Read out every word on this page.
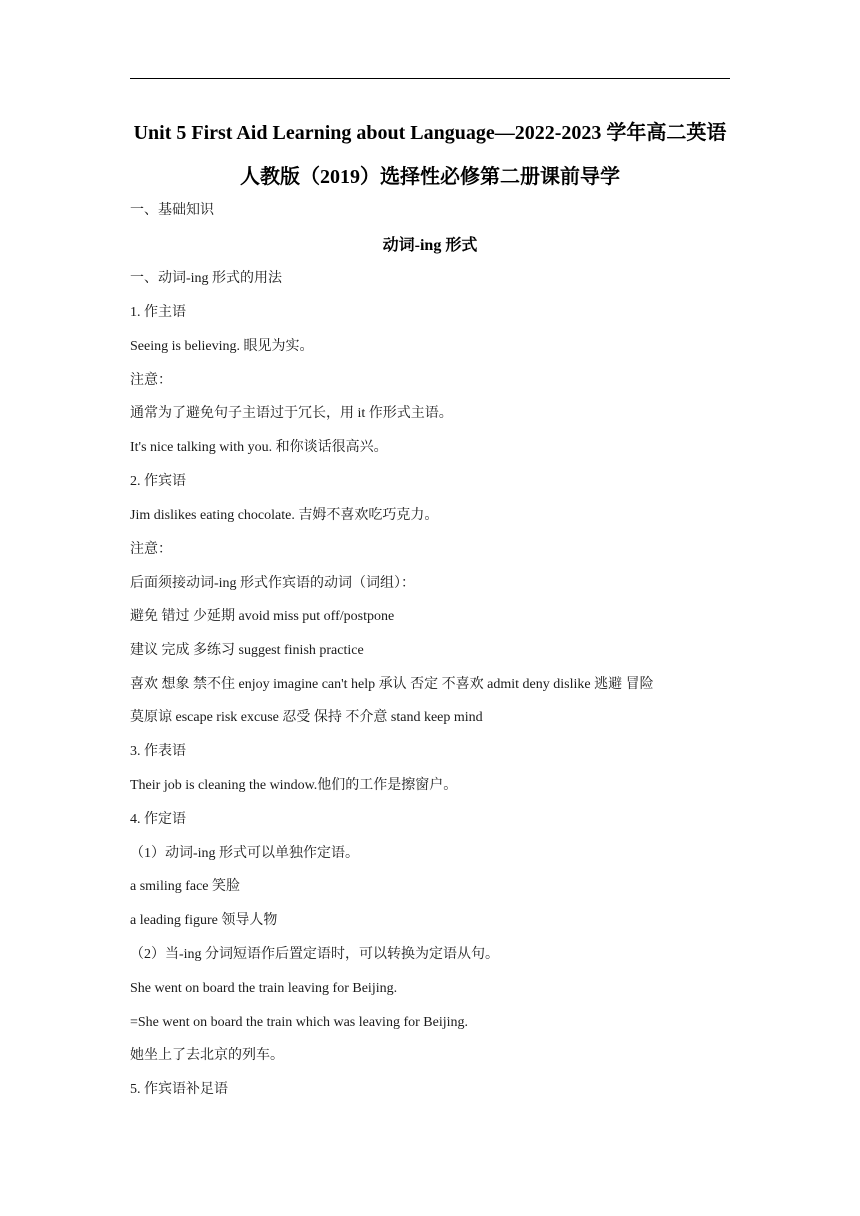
Unit 5 First Aid Learning about Language—2022-2023 学年高二英语
人教版（2019）选择性必修第二册课前导学
一、基础知识
动词-ing 形式
一、动词-ing 形式的用法
1. 作主语
Seeing is believing. 眼见为实。
注意：
通常为了避免句子主语过于冗长，用 it 作形式主语。
It's nice talking with you. 和你谈话很高兴。
2. 作宾语
Jim dislikes eating chocolate. 吉姆不喜欢吃巧克力。
注意：
后面须接动词-ing 形式作宾语的动词（词组）：
避免 错过 少延期 avoid miss put off/postpone
建议 完成 多练习 suggest finish practice
喜欢 想象 禁不住 enjoy imagine can't help 承认 否定 不喜欢 admit deny dislike 逃避 冒险
莫原谅 escape risk excuse 忍受 保持 不介意 stand keep mind
3. 作表语
Their job is cleaning the window.他们的工作是擦窗户。
4. 作定语
（1）动词-ing 形式可以单独作定语。
a smiling face 笑脸
a leading figure 领导人物
（2）当-ing 分词短语作后置定语时，可以转换为定语从句。
She went on board the train leaving for Beijing.
=She went on board the train which was leaving for Beijing.
她坐上了去北京的列车。
5. 作宾语补足语
